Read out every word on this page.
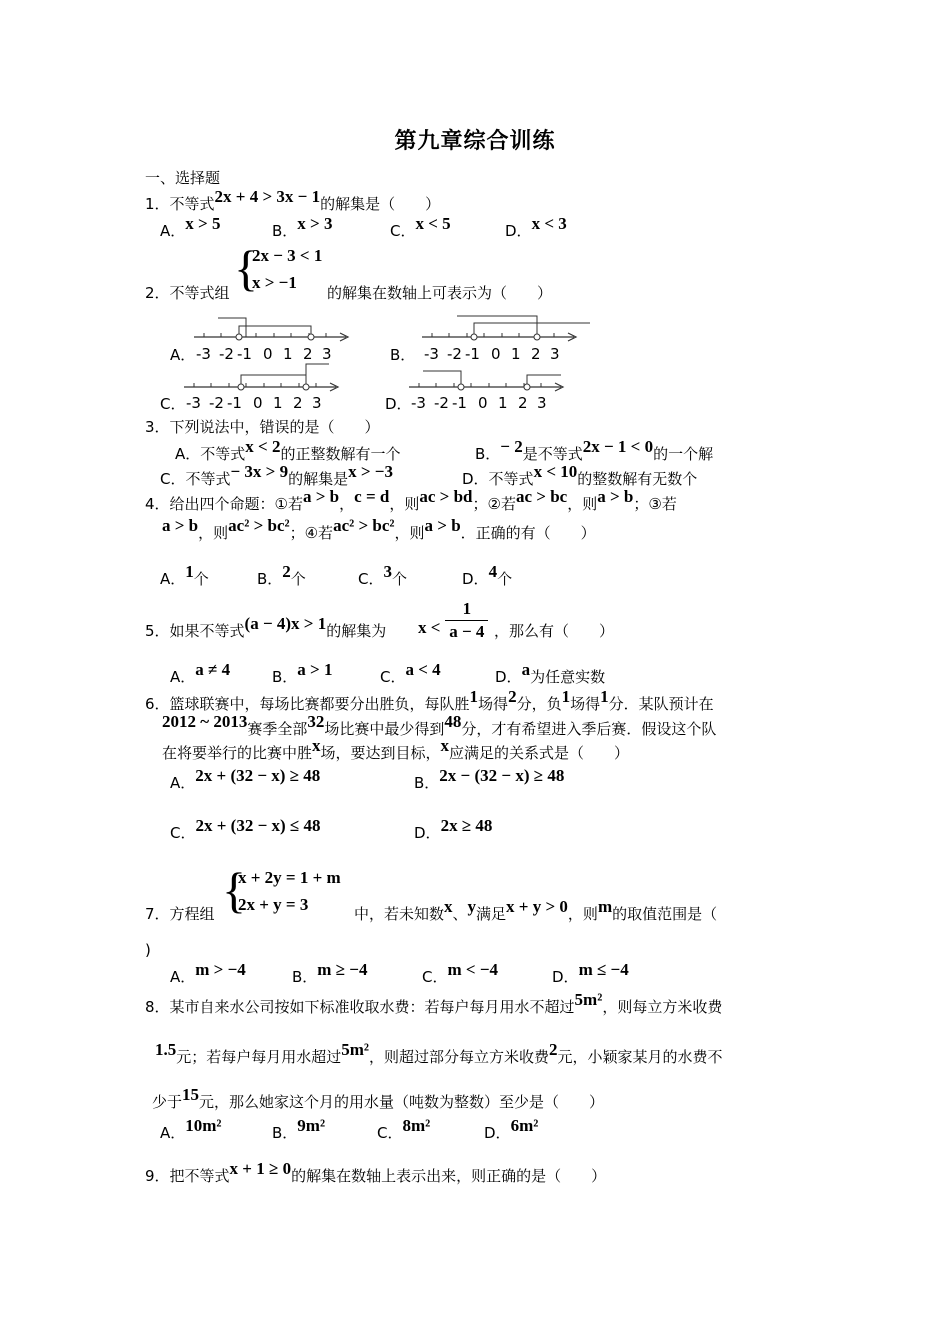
第九章综合训练
一、选择题
1．不等式2x + 4 > 3x − 1的解集是（　　）
A．x > 5	B．x > 3	C．x < 5	D．x < 3
{
2x − 3 < 1
x > −1
2．不等式组	的解集在数轴上可表示为（　　）
A．	B．
C．	D．
-3 -2 -1 0 1 2 3	-3 -2 -1 0 1 2 3
-3 -2 -1 0 1 2 3	-3 -2 -1 0 1 2 3
3．下列说法中，错误的是（　　）
A．不等式x < 2的正整数解有一个	B．− 2是不等式2x − 1 < 0的一个解
C．不等式− 3x > 9的解集是x > −3	D．不等式x < 10的整数解有无数个
4．给出四个命题：①若a > b，c = d，则ac > bd；②若ac > bc，则a > b；③若
a > b，则ac² > bc²；④若ac² > bc²，则a > b．正确的有（　　）
A．1个	B．2个	C．3个	D．4个
5．如果不等式(a − 4)x > 1的解集为 $x < \frac{1}{a - 4}$ ，那么有（　　）
A．a ≠ 4	B．a > 1	C．a < 4	D．a为任意实数
6．篮球联赛中，每场比赛都要分出胜负，每队胜1场得2分，负1场得1分．某队预计在
2012 ~ 2013赛季全部32场比赛中最少得到48分，才有希望进入季后赛．假设这个队
在将要举行的比赛中胜x场，要达到目标，x应满足的关系式是（　　）
A．2x + (32 − x) ≥ 48	B．2x − (32 − x) ≥ 48
C．2x + (32 − x) ≤ 48	D．2x ≥ 48
{
x + 2y = 1 + m
2x + y = 3
7．方程组	中，若未知数x、y满足x + y > 0，则m的取值范围是（
)
A．m > −4	B．m ≥ −4	C．m < −4	D．m ≤ −4
8．某市自来水公司按如下标准收取水费：若每户每月用水不超过5m²，则每立方米收费
1.5元；若每户每月用水超过5m²，则超过部分每立方米收费2元，小颖家某月的水费不
少于15元，那么她家这个月的用水量（吨数为整数）至少是（　　）
A．10m²	B．9m²	C．8m²	D．6m²
9．把不等式x + 1 ≥ 0的解集在数轴上表示出来，则正确的是（　　）
